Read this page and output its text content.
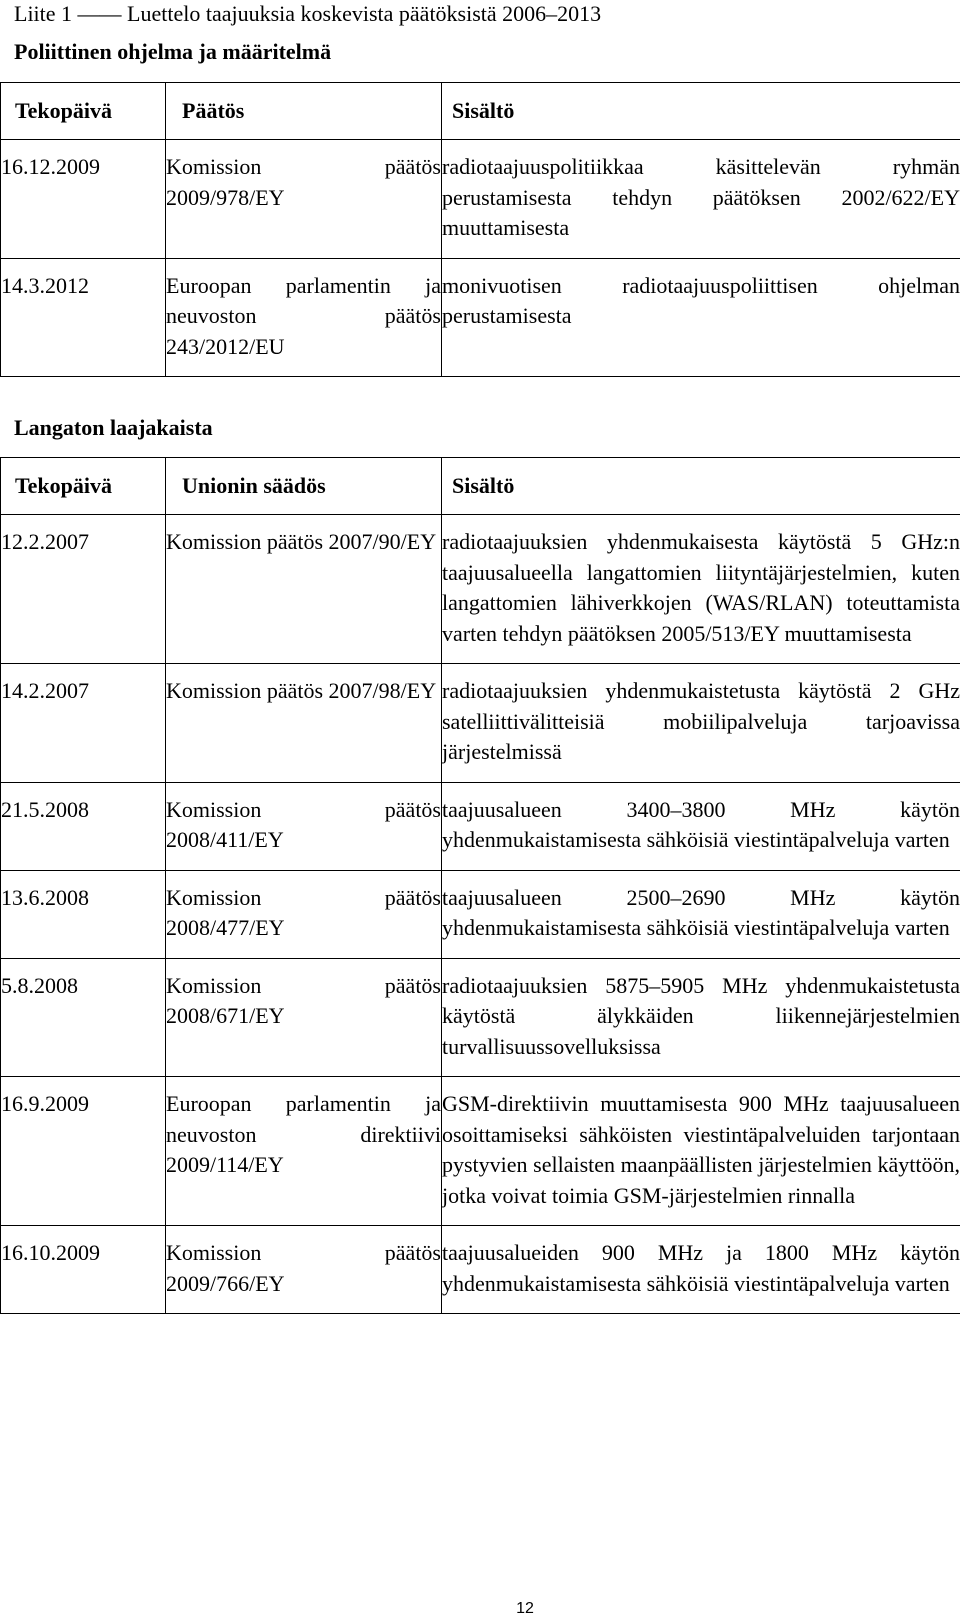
Liite 1 —— Luettelo taajuuksia koskevista päätöksistä 2006–2013
Poliittinen ohjelma ja määritelmä
Tekopäivä	Päätös	Sisältö
16.12.2009	Komission päätös 2009/978/EY	radiotaajuuspolitiikkaa käsittelevän ryhmän perustamisesta tehdyn päätöksen 2002/622/EY muuttamisesta
14.3.2012	Euroopan parlamentin ja neuvoston päätös 243/2012/EU	monivuotisen radiotaajuuspoliittisen ohjelman perustamisesta
Langaton laajakaista
Tekopäivä	Unionin säädös	Sisältö
12.2.2007	Komission päätös 2007/90/EY	radiotaajuuksien yhdenmukaisesta käytöstä 5 GHz:n taajuusalueella langattomien liityntäjärjestelmien, kuten langattomien lähiverkkojen (WAS/RLAN) toteuttamista varten tehdyn päätöksen 2005/513/EY muuttamisesta
14.2.2007	Komission päätös 2007/98/EY	radiotaajuuksien yhdenmukaistetusta käytöstä 2 GHz satelliittivälitteisiä mobiilipalveluja tarjoavissa järjestelmissä
21.5.2008	Komission päätös 2008/411/EY	taajuusalueen 3400–3800 MHz käytön yhdenmukaistamisesta sähköisiä viestintäpalveluja varten
13.6.2008	Komission päätös 2008/477/EY	taajuusalueen 2500–2690 MHz käytön yhdenmukaistamisesta sähköisiä viestintäpalveluja varten
5.8.2008	Komission päätös 2008/671/EY	radiotaajuuksien 5875–5905 MHz yhdenmukaistetusta käytöstä älykkäiden liikennejärjestelmien turvallisuussovelluksissa
16.9.2009	Euroopan parlamentin ja neuvoston direktiivi 2009/114/EY	GSM-direktiivin muuttamisesta 900 MHz taajuusalueen osoittamiseksi sähköisten viestintäpalveluiden tarjontaan pystyvien sellaisten maanpäällisten järjestelmien käyttöön, jotka voivat toimia GSM-järjestelmien rinnalla
16.10.2009	Komission päätös 2009/766/EY	taajuusalueiden 900 MHz ja 1800 MHz käytön yhdenmukaistamisesta sähköisiä viestintäpalveluja varten
12
